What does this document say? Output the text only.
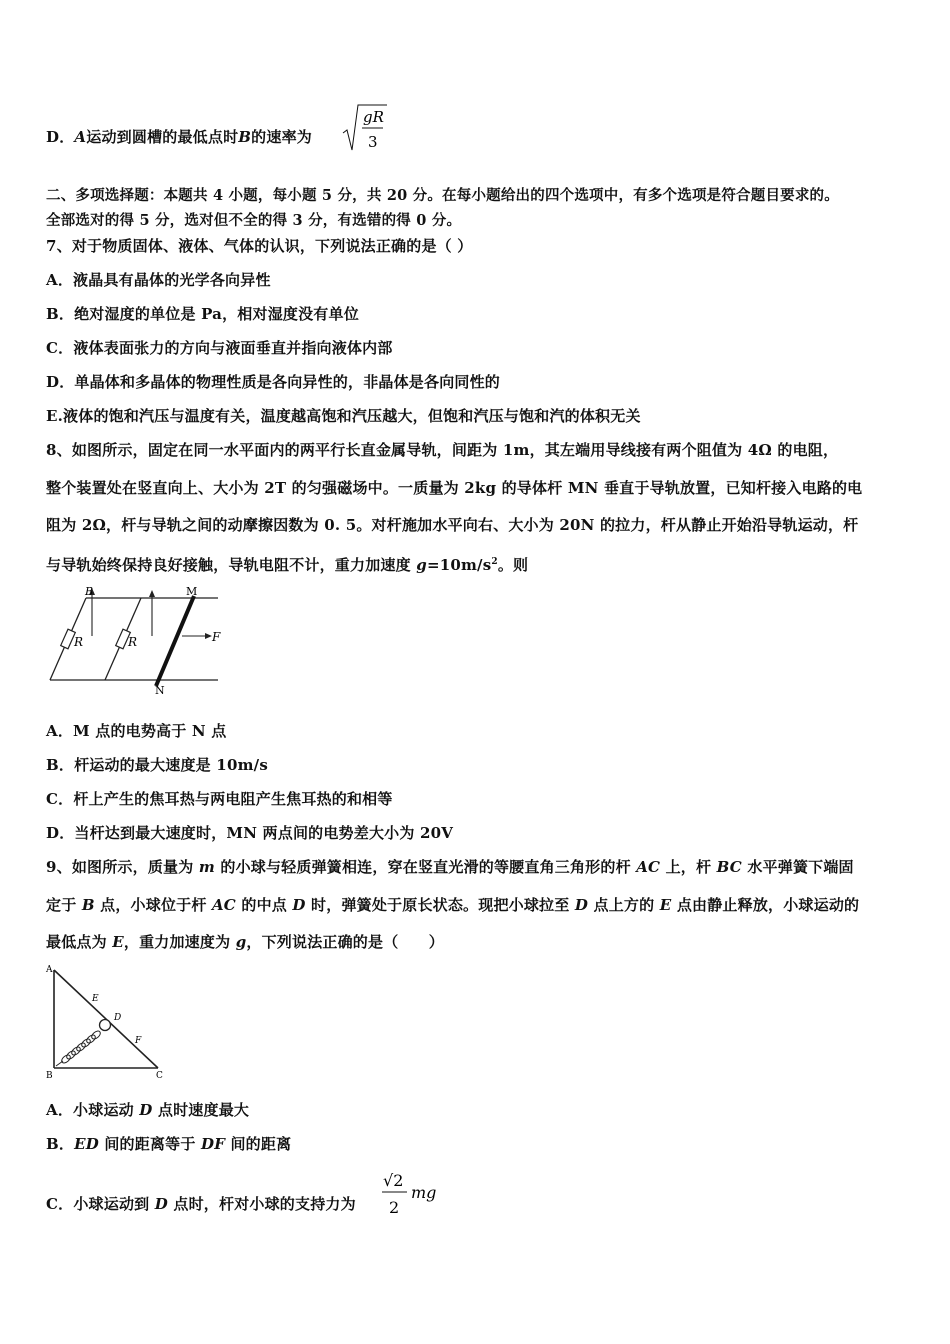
D．A运动到圆槽的最低点时B的速率为
gR
3
二、多项选择题：本题共 4 小题，每小题 5 分，共 20 分。在每小题给出的四个选项中，有多个选项是符合题目要求的。
全部选对的得 5 分，选对但不全的得 3 分，有选错的得 0 分。
7、对于物质固体、液体、气体的认识，下列说法正确的是（ ）
A．液晶具有晶体的光学各向异性
B．绝对湿度的单位是 Pa，相对湿度没有单位
C．液体表面张力的方向与液面垂直并指向液体内部
D．单晶体和多晶体的物理性质是各向异性的，非晶体是各向同性的
E.液体的饱和汽压与温度有关，温度越高饱和汽压越大，但饱和汽压与饱和汽的体积无关
8、如图所示，固定在同一水平面内的两平行长直金属导轨，间距为 1m，其左端用导线接有两个阻值为 4Ω 的电阻，
整个装置处在竖直向上、大小为 2T 的匀强磁场中。一质量为 2kg 的导体杆 MN 垂直于导轨放置，已知杆接入电路的电
阻为 2Ω，杆与导轨之间的动摩擦因数为 0. 5。对杆施加水平向右、大小为 20N 的拉力，杆从静止开始沿导轨运动，杆
与导轨始终保持良好接触，导轨电阻不计，重力加速度 $g=10m/s^2$。则
R	R
B	M
N
F
A．M 点的电势高于 N 点
B．杆运动的最大速度是 10m/s
C．杆上产生的焦耳热与两电阻产生焦耳热的和相等
D．当杆达到最大速度时，MN 两点间的电势差大小为 20V
9、如图所示，质量为 m 的小球与轻质弹簧相连，穿在竖直光滑的等腰直角三角形的杆 AC 上，杆 BC 水平弹簧下端固
定于 B 点，小球位于杆 AC 的中点 D 时，弹簧处于原长状态。现把小球拉至 D 点上方的 E 点由静止释放，小球运动的
最低点为 E，重力加速度为 g，下列说法正确的是（　　）
A
B	C
E
D
F
A．小球运动 D 点时速度最大
B．ED 间的距离等于 DF 间的距离
C．小球运动到 D 点时，杆对小球的支持力为
√2
2
mg
